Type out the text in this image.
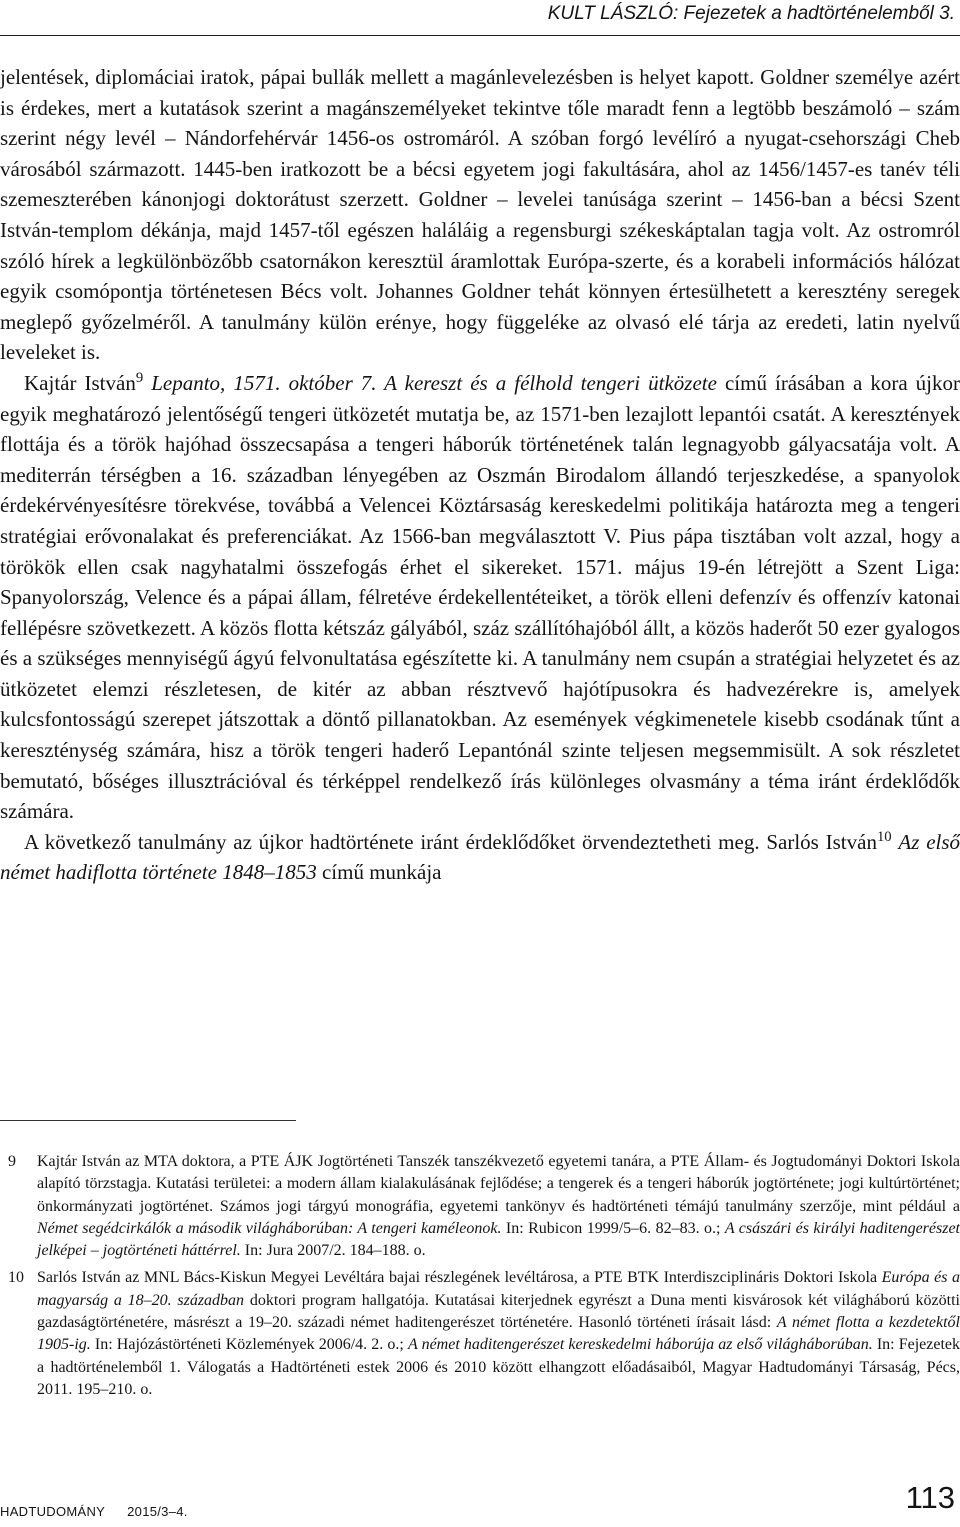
KULT LÁSZLÓ: Fejezetek a hadtörténelemből 3.

jelentések, diplomáciai iratok, pápai bullák mellett a magánlevelezésben is helyet kapott. Goldner személye azért is érdekes, mert a kutatások szerint a magánszemélyeket tekintve tőle maradt fenn a legtöbb beszámoló – szám szerint négy levél – Nándorfehérvár 1456-os ostromáról. A szóban forgó levélíró a nyugat-csehországi Cheb városából származott. 1445-ben iratkozott be a bécsi egyetem jogi fakultására, ahol az 1456/1457-es tanév téli szemeszterében kánonjogi doktorátust szerzett. Goldner – levelei tanúsága szerint – 1456-ban a bécsi Szent István-templom dékánja, majd 1457-től egészen haláláig a regensburgi székeskáptalan tagja volt. Az ostromról szóló hírek a legkülönbözőbb csatornákon keresztül áramlottak Európa-szerte, és a korabeli információs hálózat egyik csomópontja történetesen Bécs volt. Johannes Goldner tehát könnyen értesülhetett a keresztény seregek meglepő győzelméről. A tanulmány külön erénye, hogy függeléke az olvasó elé tárja az eredeti, latin nyelvű leveleket is.

Kajtár István$^9$ Lepanto, 1571. október 7. A kereszt és a félhold tengeri ütközete című írásában a kora újkor egyik meghatározó jelentőségű tengeri ütközetét mutatja be, az 1571-ben lezajlott lepantói csatát. A keresztények flottája és a török hajóhad összecsapása a tengeri háborúk történetének talán legnagyobb gályacsatája volt. A mediterrán térségben a 16. században lényegében az Oszmán Birodalom állandó terjeszkedése, a spanyolok érdekérvényesítésre törekvése, továbbá a Velencei Köztársaság kereskedelmi politikája határozta meg a tengeri stratégiai erővonalakat és preferenciákat. Az 1566-ban megválasztott V. Pius pápa tisztában volt azzal, hogy a törökök ellen csak nagyhatalmi összefogás érhet el sikereket. 1571. május 19-én létrejött a Szent Liga: Spanyolország, Velence és a pápai állam, félretéve érdekellentéteiket, a török elleni defenzív és offenzív katonai fellépésre szövetkezett. A közös flotta kétszáz gályából, száz szállítóhajóból állt, a közös haderőt 50 ezer gyalogos és a szükséges mennyiségű ágyú felvonultatása egészítette ki. A tanulmány nem csupán a stratégiai helyzetet és az ütközetet elemzi részletesen, de kitér az abban résztvevő hajótípusokra és hadvezérekre is, amelyek kulcsfontosságú szerepet játszottak a döntő pillanatokban. Az események végkimenetele kisebb csodának tűnt a kereszténység számára, hisz a török tengeri haderő Lepantónál szinte teljesen megsemmisült. A sok részletet bemutató, bőséges illusztrációval és térképpel rendelkező írás különleges olvasmány a téma iránt érdeklődők számára.

A következő tanulmány az újkor hadtörténete iránt érdeklődőket örvendeztetheti meg. Sarlós István$^{10}$ Az első német hadiflotta története 1848–1853 című munkája

9	Kajtár István az MTA doktora, a PTE ÁJK Jogtörténeti Tanszék tanszékvezető egyetemi tanára, a PTE Állam- és Jogtudományi Doktori Iskola alapító törzstagja. Kutatási területei: a modern állam kialakulásának fejlődése; a tengerek és a tengeri háborúk jogtörténete; jogi kultúrtörténet; önkormányzati jogtörténet. Számos jogi tárgyú monográfia, egyetemi tankönyv és hadtörténeti témájú tanulmány szerzője, mint például a Német segédcirkálók a második világháborúban: A tengeri kaméleonok. In: Rubicon 1999/5–6. 82–83. o.; A császári és királyi haditengerészet jelképei – jogtörténeti háttérrel. In: Jura 2007/2. 184–188. o.
10 Sarlós István az MNL Bács-Kiskun Megyei Levéltára bajai részlegének levéltárosa, a PTE BTK Interdiszciplináris Doktori Iskola Európa és a magyarság a 18–20. században doktori program hallgatója. Kutatásai kiterjednek egyrészt a Duna menti kisvárosok két világháború közötti gazdaságtörténetére, másrészt a 19–20. századi német haditengerészet történetére. Hasonló történeti írásait lásd: A német flotta a kezdetektől 1905-ig. In: Hajózástörténeti Közlemények 2006/4. 2. o.; A német haditengerészet kereskedelmi háborúja az első világháborúban. In: Fejezetek a hadtörténelemből 1. Válogatás a Hadtörténeti estek 2006 és 2010 között elhangzott előadásaiból, Magyar Hadtudományi Társaság, Pécs, 2011. 195–210. o.
HADTUDOMÁNY 2015/3–4.	113
